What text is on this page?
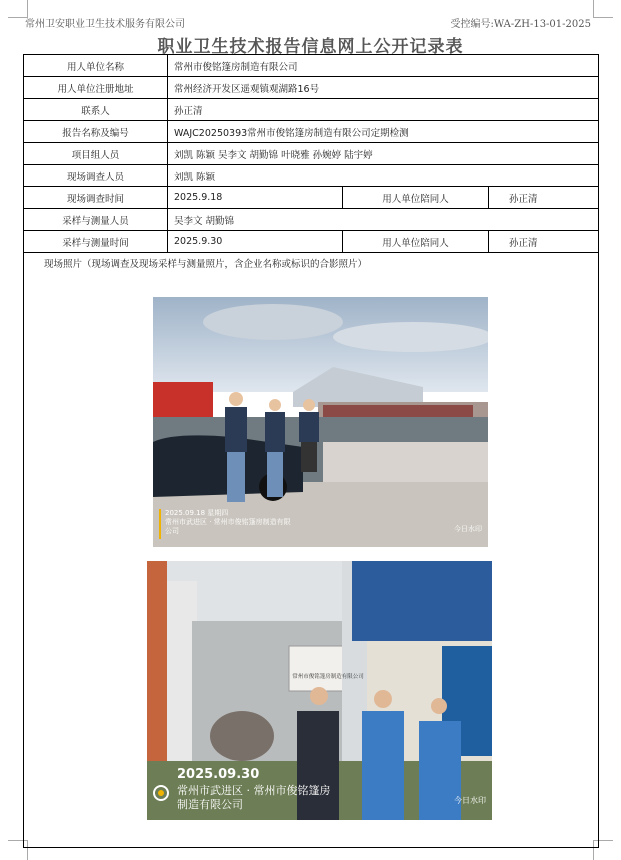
常州卫安职业卫生技术服务有限公司	受控编号:WA-ZH-13-01-2025
职业卫生技术报告信息网上公开记录表
用人单位名称	常州市俊铭篷房制造有限公司		
用人单位注册地址	常州经济开发区遥观镇观湖路16号		
联系人	孙正清		
报告名称及编号	WAJC20250393常州市俊铭篷房制造有限公司定期检测		
项目组人员	刘凯 陈颖 吴李文 胡勤锦 叶晓雅 孙婉婷 陆宇婷		
现场调查人员	刘凯 陈颖		
现场调查时间	2025.9.18	用人单位陪同人	孙正清
采样与测量人员	吴李文 胡勤锦		
采样与测量时间	2025.9.30	用人单位陪同人	孙正清
现场照片（现场调查及现场采样与测量照片，含企业名称或标识的合影照片）			
2025.09.18 星期四
常州市武进区 · 常州市俊铭篷房制造有限
公司	今日水印
常州市俊铭篷房制造有限公司
2025.09.30
常州市武进区 · 常州市俊铭篷房
制造有限公司	今日水印
